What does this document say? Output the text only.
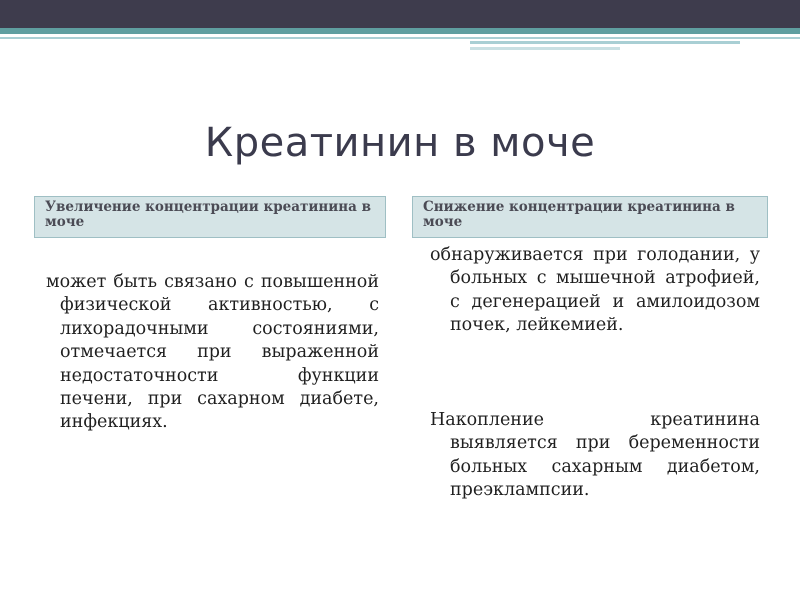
Креатинин в моче
Увеличение концентрации креатинина в моче
Снижение концентрации креатинина в моче

может быть связано с повышенной физической активностью, с лихорадочными состояниями, отмечается при выраженной недостаточности функции печени, при сахарном диабете, инфекциях.

обнаруживается при голодании, у больных с мышечной атрофией, с дегенерацией и амилоидозом почек, лейкемией.

Накопление креатинина выявляется при беременности больных сахарным диабетом, преэклампсии.
